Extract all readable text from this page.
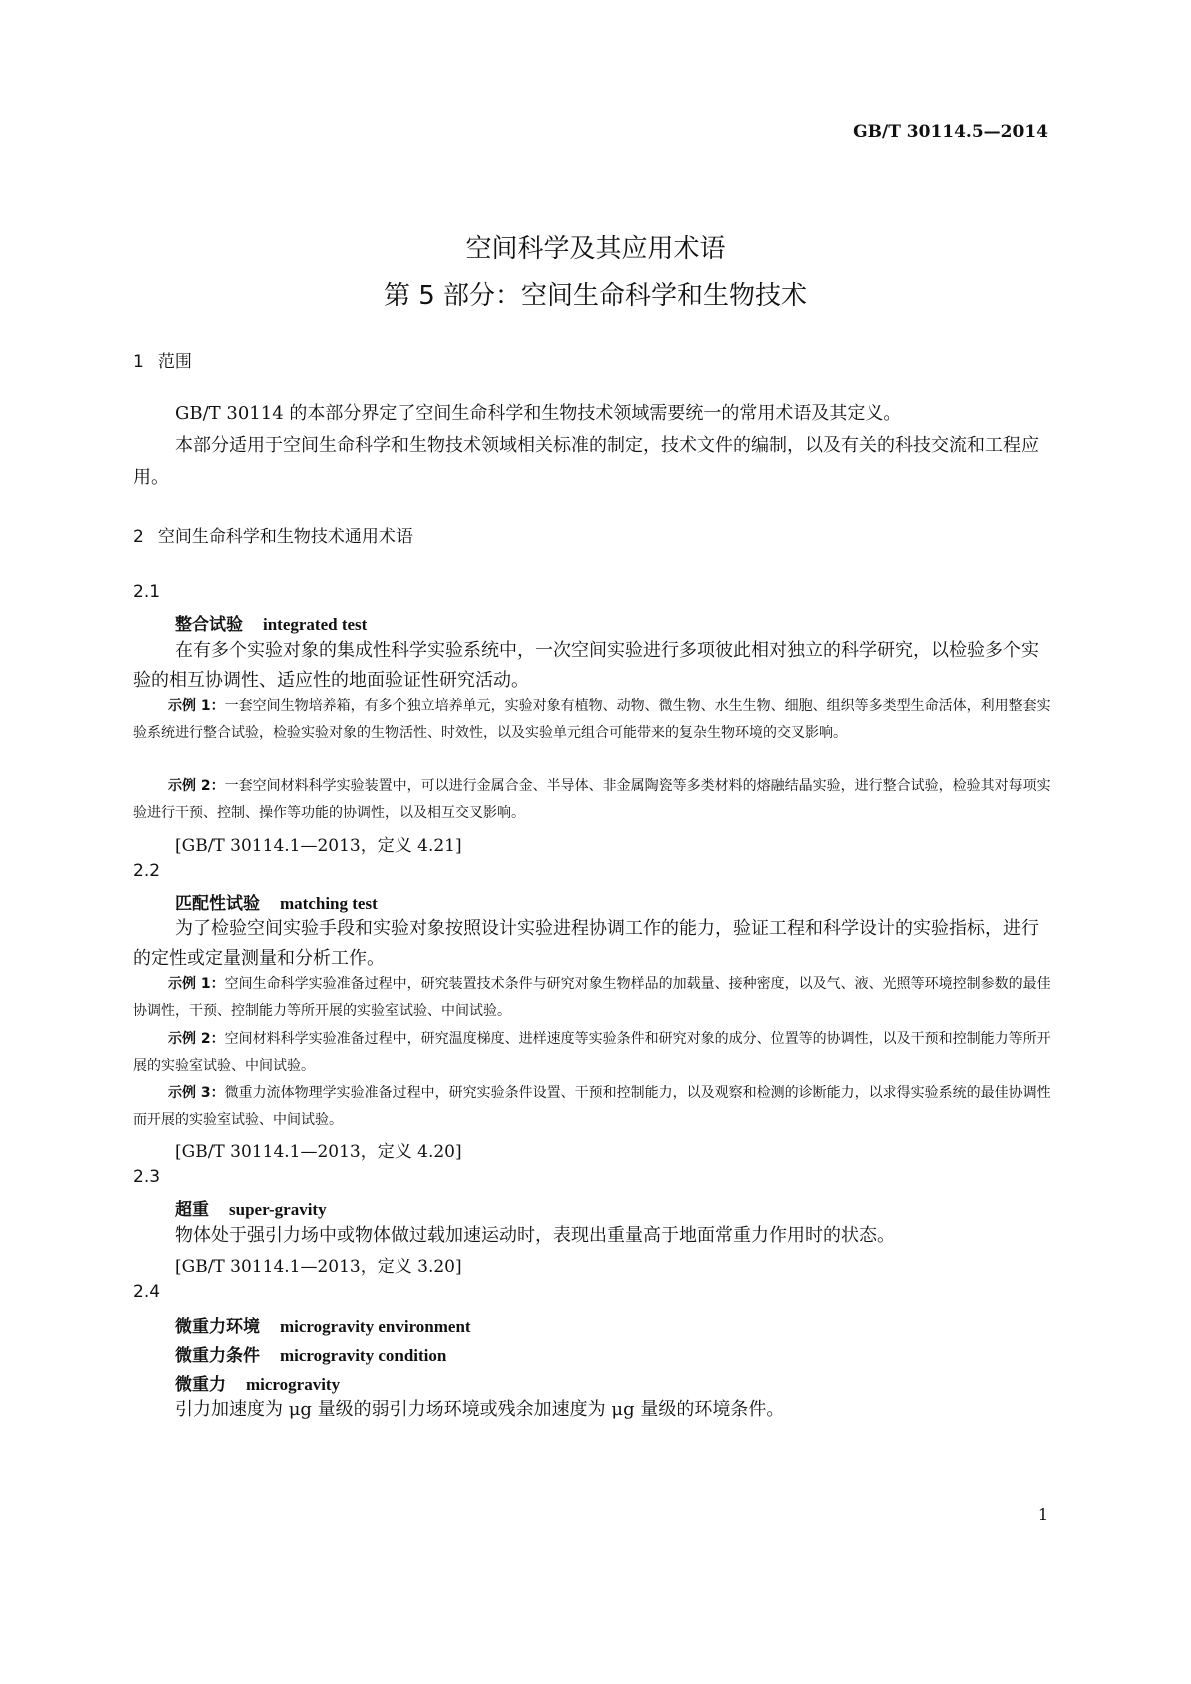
GB/T 30114.5—2014
空间科学及其应用术语
第 5 部分：空间生命科学和生物技术
1 范围
GB/T 30114 的本部分界定了空间生命科学和生物技术领域需要统一的常用术语及其定义。
本部分适用于空间生命科学和生物技术领域相关标准的制定，技术文件的编制，以及有关的科技交流和工程应用。
2 空间生命科学和生物技术通用术语
2.1
整合试验 integrated test
在有多个实验对象的集成性科学实验系统中，一次空间实验进行多项彼此相对独立的科学研究，以检验多个实验的相互协调性、适应性的地面验证性研究活动。
示例 1：一套空间生物培养箱，有多个独立培养单元，实验对象有植物、动物、微生物、水生生物、细胞、组织等多类型生命活体，利用整套实验系统进行整合试验，检验实验对象的生物活性、时效性，以及实验单元组合可能带来的复杂生物环境的交叉影响。
示例 2：一套空间材料科学实验装置中，可以进行金属合金、半导体、非金属陶瓷等多类材料的熔融结晶实验，进行整合试验，检验其对每项实验进行干预、控制、操作等功能的协调性，以及相互交叉影响。
[GB/T 30114.1—2013，定义 4.21]
2.2
匹配性试验 matching test
为了检验空间实验手段和实验对象按照设计实验进程协调工作的能力，验证工程和科学设计的实验指标，进行的定性或定量测量和分析工作。
示例 1：空间生命科学实验准备过程中，研究装置技术条件与研究对象生物样品的加载量、接种密度，以及气、液、光照等环境控制参数的最佳协调性，干预、控制能力等所开展的实验室试验、中间试验。
示例 2：空间材料科学实验准备过程中，研究温度梯度、进样速度等实验条件和研究对象的成分、位置等的协调性，以及干预和控制能力等所开展的实验室试验、中间试验。
示例 3：微重力流体物理学实验准备过程中，研究实验条件设置、干预和控制能力，以及观察和检测的诊断能力，以求得实验系统的最佳协调性而开展的实验室试验、中间试验。
[GB/T 30114.1—2013，定义 4.20]
2.3
超重 super-gravity
物体处于强引力场中或物体做过载加速运动时，表现出重量高于地面常重力作用时的状态。
[GB/T 30114.1—2013，定义 3.20]
2.4
微重力环境 microgravity environment
微重力条件 microgravity condition
微重力 microgravity
引力加速度为 μg 量级的弱引力场环境或残余加速度为 μg 量级的环境条件。
1
